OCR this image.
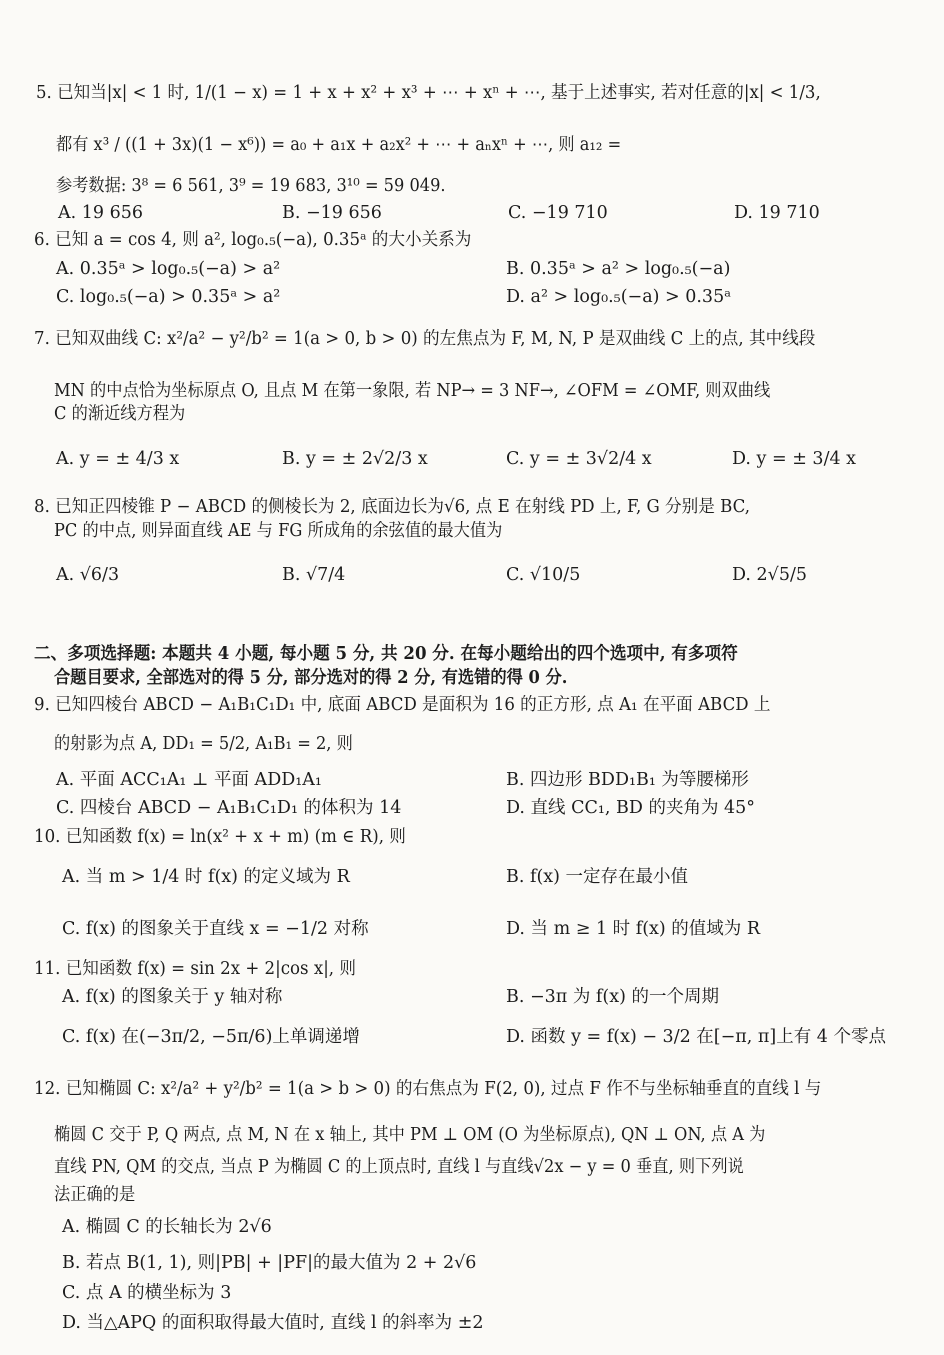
5. 已知当|x| < 1 时, 1/(1 − x) = 1 + x + x² + x³ + ⋯ + xⁿ + ⋯, 基于上述事实, 若对任意的|x| < 1/3,
都有 x³ / ((1 + 3x)(1 − x⁶)) = a₀ + a₁x + a₂x² + ⋯ + aₙxⁿ + ⋯, 则 a₁₂ =
参考数据: 3⁸ = 6 561, 3⁹ = 19 683, 3¹⁰ = 59 049.
A. 19 656	B. −19 656	C. −19 710	D. 19 710
6. 已知 a = cos 4, 则 a², log₀.₅(−a), 0.35ᵃ 的大小关系为
A. 0.35ᵃ > log₀.₅(−a) > a²	B. 0.35ᵃ > a² > log₀.₅(−a)
C. log₀.₅(−a) > 0.35ᵃ > a²	D. a² > log₀.₅(−a) > 0.35ᵃ
7. 已知双曲线 C: x²/a² − y²/b² = 1(a > 0, b > 0) 的左焦点为 F, M, N, P 是双曲线 C 上的点, 其中线段
MN 的中点恰为坐标原点 O, 且点 M 在第一象限, 若 NP→ = 3 NF→, ∠OFM = ∠OMF, 则双曲线
C 的渐近线方程为
A. y = ± 4/3 x	B. y = ± 2√2/3 x	C. y = ± 3√2/4 x	D. y = ± 3/4 x
8. 已知正四棱锥 P − ABCD 的侧棱长为 2, 底面边长为√6, 点 E 在射线 PD 上, F, G 分别是 BC,
PC 的中点, 则异面直线 AE 与 FG 所成角的余弦值的最大值为
A. √6/3	B. √7/4	C. √10/5	D. 2√5/5
二、多项选择题: 本题共 4 小题, 每小题 5 分, 共 20 分. 在每小题给出的四个选项中, 有多项符
合题目要求, 全部选对的得 5 分, 部分选对的得 2 分, 有选错的得 0 分.
9. 已知四棱台 ABCD − A₁B₁C₁D₁ 中, 底面 ABCD 是面积为 16 的正方形, 点 A₁ 在平面 ABCD 上
的射影为点 A, DD₁ = 5/2, A₁B₁ = 2, 则
A. 平面 ACC₁A₁ ⊥ 平面 ADD₁A₁	B. 四边形 BDD₁B₁ 为等腰梯形
C. 四棱台 ABCD − A₁B₁C₁D₁ 的体积为 14	D. 直线 CC₁, BD 的夹角为 45°
10. 已知函数 f(x) = ln(x² + x + m) (m ∈ R), 则
A. 当 m > 1/4 时 f(x) 的定义域为 R	B. f(x) 一定存在最小值
C. f(x) 的图象关于直线 x = −1/2 对称	D. 当 m ≥ 1 时 f(x) 的值域为 R
11. 已知函数 f(x) = sin 2x + 2|cos x|, 则
A. f(x) 的图象关于 y 轴对称	B. −3π 为 f(x) 的一个周期
C. f(x) 在(−3π/2, −5π/6)上单调递增	D. 函数 y = f(x) − 3/2 在[−π, π]上有 4 个零点
12. 已知椭圆 C: x²/a² + y²/b² = 1(a > b > 0) 的右焦点为 F(2, 0), 过点 F 作不与坐标轴垂直的直线 l 与
椭圆 C 交于 P, Q 两点, 点 M, N 在 x 轴上, 其中 PM ⊥ OM (O 为坐标原点), QN ⊥ ON, 点 A 为
直线 PN, QM 的交点, 当点 P 为椭圆 C 的上顶点时, 直线 l 与直线√2x − y = 0 垂直, 则下列说
法正确的是
A. 椭圆 C 的长轴长为 2√6
B. 若点 B(1, 1), 则|PB| + |PF|的最大值为 2 + 2√6
C. 点 A 的横坐标为 3
D. 当△APQ 的面积取得最大值时, 直线 l 的斜率为 ±2
